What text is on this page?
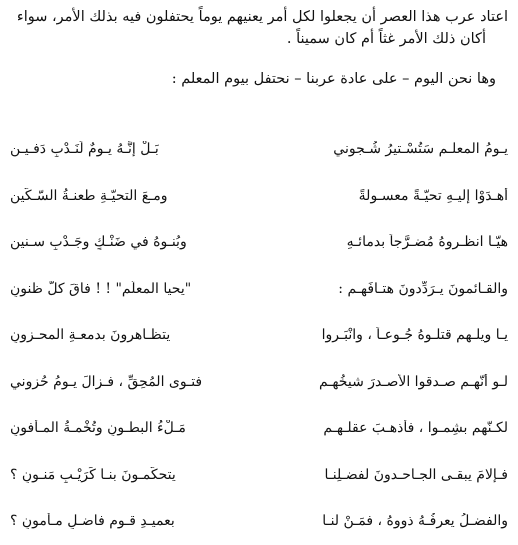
اعتاد عرب هذا العصر أن يجعلوا لكل أمر يعنيهم يوماً يحتفلون فيه بذلك الأمر، سواء

أكان ذلك الأمر غثاً أم كان سميناً .

وها نحن اليوم – على عادة عربنا – نحتفل بيوم المعلم :

يـومُ المعلـمِ سَتُسْـتيرُ شُـجوني
بَـلْ إنَّـهُ يـومٌ لَنَـدْبِ دَفـيـنِ
أهـدَوْا إليـهِ تحيّـةً معسـولةً
ومـعَ التحيّـةِ طعنـةُ السّـكّينِ
هيّـا انظـروهُ مُضـرَّجاً بدمائـهِ
وبُنـوهُ في ضَنْـكٍ وجَـدْبِ سـنينِ
والقـائمونَ يـرَدِّدونَ هتـافَهـم :
"يحيا المعلّم" ! ! فاقَ كلَّ ظنونِ
يـا ويلـهم قتلـوهُ جُـوعـاً ، وانْبَـروا
يتظـاهرونَ بدمعـةِ المحـزونِ
لـو أنّهـم صـدقوا الأصـدرَ شيخُهـم
فتـوى المُحِقِّ ، فـزالَ يـومُ حُزوني
لكـنّهم بشِمـوا ، فأذهـبَ عقلـهـم
مَـلْءُ البطـونِ وتُخْمـةُ المـأفونِ
فـإلامَ يبقـى الجـاحـدونَ لفضـلِنـا
يتحكّمـونَ بنـا كَرَيْـبِ مَنـونِ ؟
والفضـلُ يعرفُـهُ ذووهُ ، فمَـنْ لنـا
بعميـدِ قـومٍ فاضـلٍ مـأمونِ ؟
